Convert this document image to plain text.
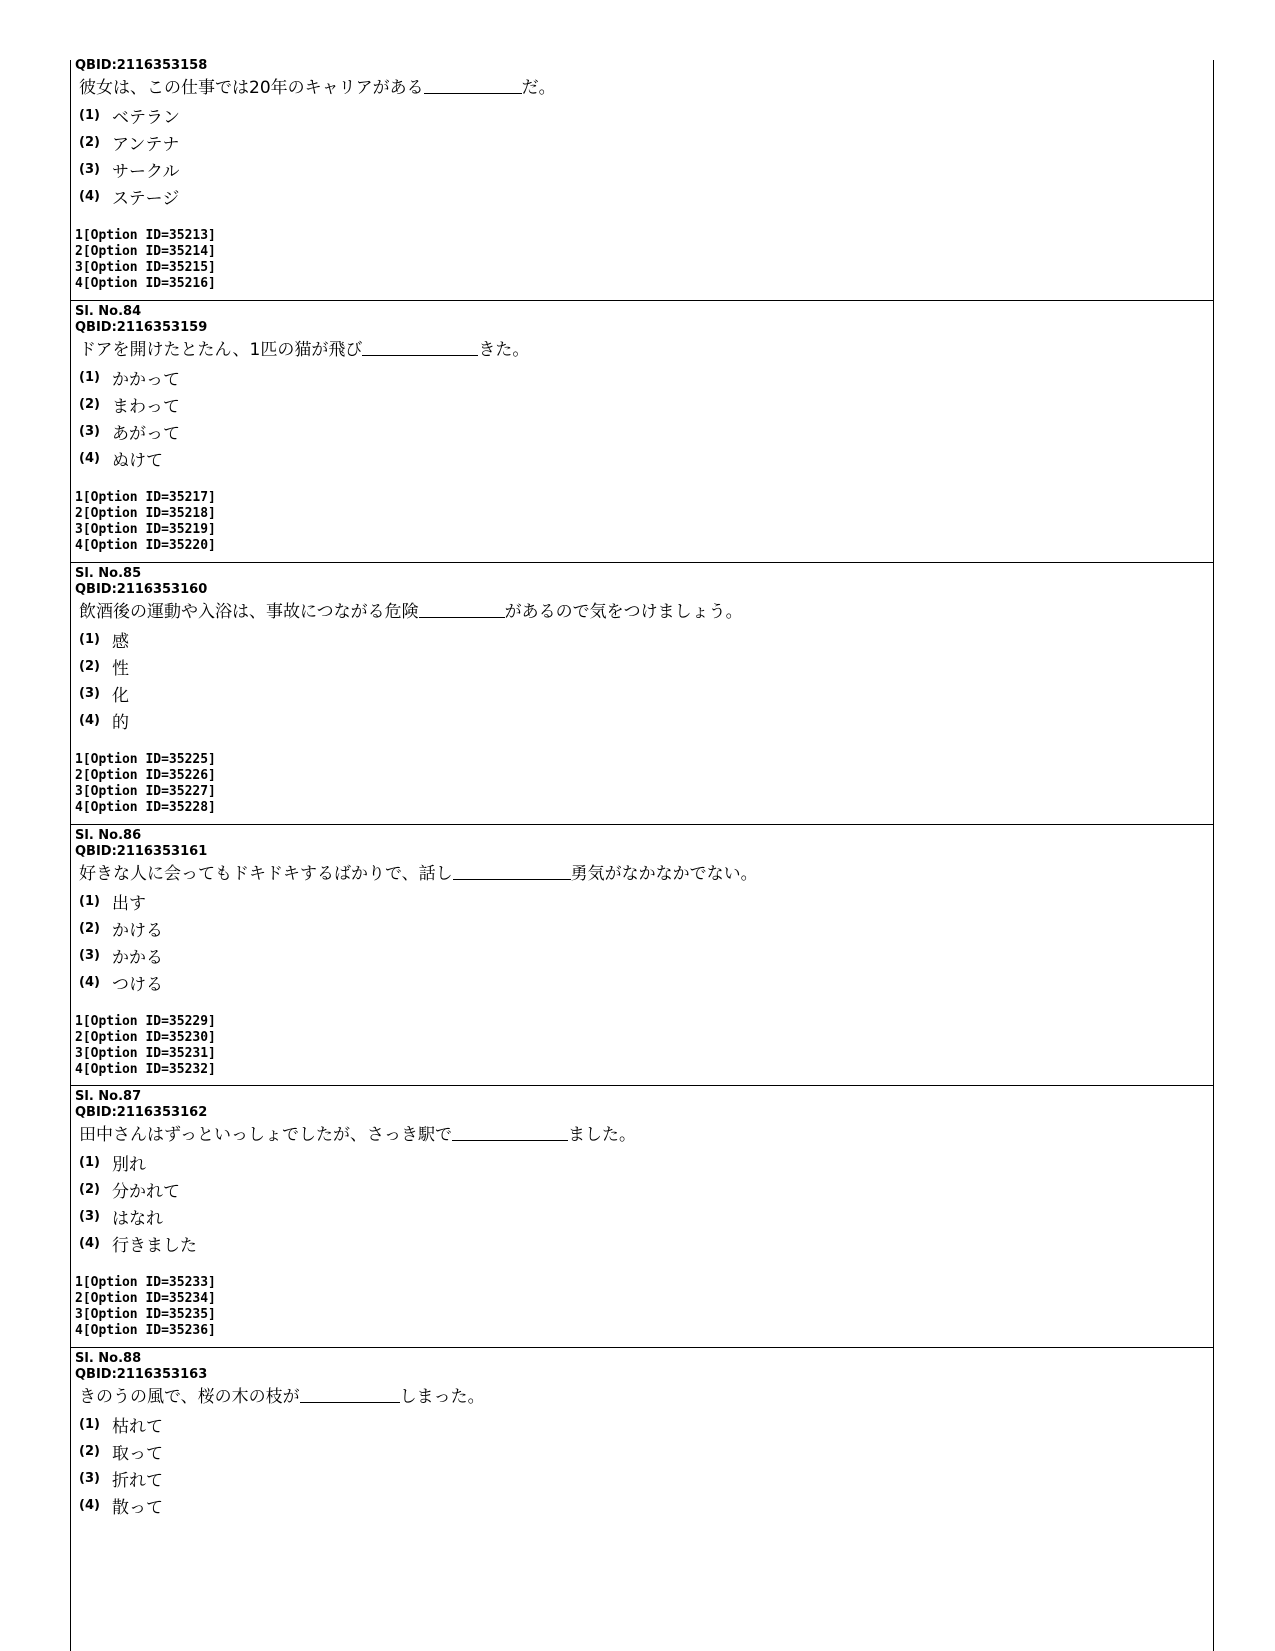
QBID:2116353158
彼女は、この仕事では20年のキャリアがある	だ。
(1) ベテラン
(2) アンテナ
(3) サークル
(4) ステージ
1[Option ID=35213]
2[Option ID=35214]
3[Option ID=35215]
4[Option ID=35216]
Sl. No.84
QBID:2116353159
ドアを開けたとたん、1匹の猫が飛び	きた。
(1) かかって
(2) まわって
(3) あがって
(4) ぬけて
1[Option ID=35217]
2[Option ID=35218]
3[Option ID=35219]
4[Option ID=35220]
Sl. No.85
QBID:2116353160
飲酒後の運動や入浴は、事故につながる危険	があるので気をつけましょう。
(1) 感
(2) 性
(3) 化
(4) 的
1[Option ID=35225]
2[Option ID=35226]
3[Option ID=35227]
4[Option ID=35228]
Sl. No.86
QBID:2116353161
好きな人に会ってもドキドキするばかりで、話し	勇気がなかなかでない。
(1) 出す
(2) かける
(3) かかる
(4) つける
1[Option ID=35229]
2[Option ID=35230]
3[Option ID=35231]
4[Option ID=35232]
Sl. No.87
QBID:2116353162
田中さんはずっといっしょでしたが、さっき駅で	ました。
(1) 別れ
(2) 分かれて
(3) はなれ
(4) 行きました
1[Option ID=35233]
2[Option ID=35234]
3[Option ID=35235]
4[Option ID=35236]
Sl. No.88
QBID:2116353163
きのうの風で、桜の木の枝が	しまった。
(1) 枯れて
(2) 取って
(3) 折れて
(4) 散って
